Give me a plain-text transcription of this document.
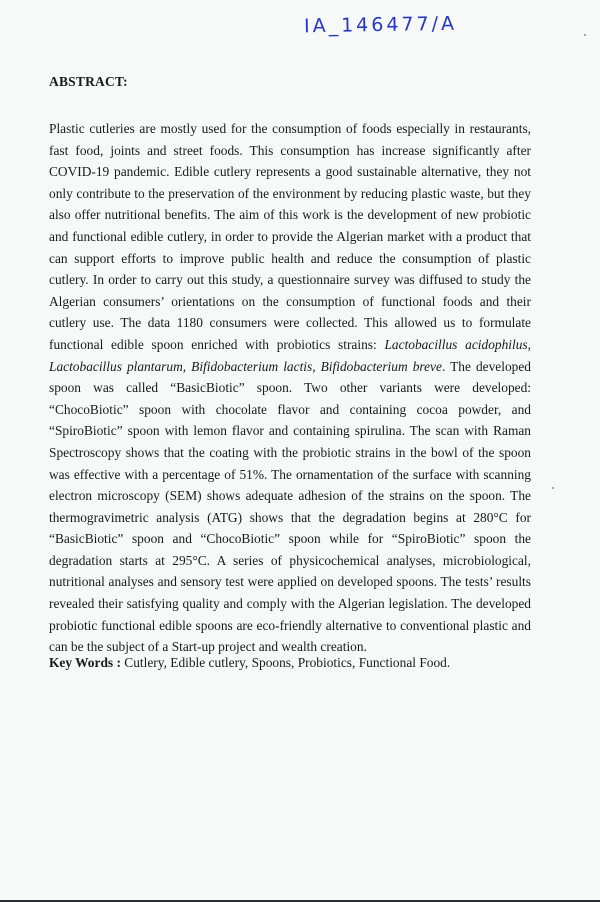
IA_146477/A
ABSTRACT:

Plastic cutleries are mostly used for the consumption of foods especially in restaurants, fast food, joints and street foods. This consumption has increase significantly after COVID-19 pandemic. Edible cutlery represents a good sustainable alternative, they not only contribute to the preservation of the environment by reducing plastic waste, but they also offer nutritional benefits. The aim of this work is the development of new probiotic and functional edible cutlery, in order to provide the Algerian market with a product that can support efforts to improve public health and reduce the consumption of plastic cutlery. In order to carry out this study, a questionnaire survey was diffused to study the Algerian consumers’ orientations on the consumption of functional foods and their cutlery use. The data 1180 consumers were collected. This allowed us to formulate functional edible spoon enriched with probiotics strains: Lactobacillus acidophilus, Lactobacillus plantarum, Bifidobacterium lactis, Bifidobacterium breve. The developed spoon was called “BasicBiotic” spoon. Two other variants were developed: “ChocoBiotic” spoon with chocolate flavor and containing cocoa powder, and “SpiroBiotic” spoon with lemon flavor and containing spirulina. The scan with Raman Spectroscopy shows that the coating with the probiotic strains in the bowl of the spoon was effective with a percentage of 51%. The ornamentation of the surface with scanning electron microscopy (SEM) shows adequate adhesion of the strains on the spoon. The thermogravimetric analysis (ATG) shows that the degradation begins at 280°C for “BasicBiotic” spoon and “ChocoBiotic” spoon while for “SpiroBiotic” spoon the degradation starts at 295°C. A series of physicochemical analyses, microbiological, nutritional analyses and sensory test were applied on developed spoons. The tests’ results revealed their satisfying quality and comply with the Algerian legislation. The developed probiotic functional edible spoons are eco-friendly alternative to conventional plastic and can be the subject of a Start-up project and wealth creation.

Key Words : Cutlery, Edible cutlery, Spoons, Probiotics, Functional Food.
